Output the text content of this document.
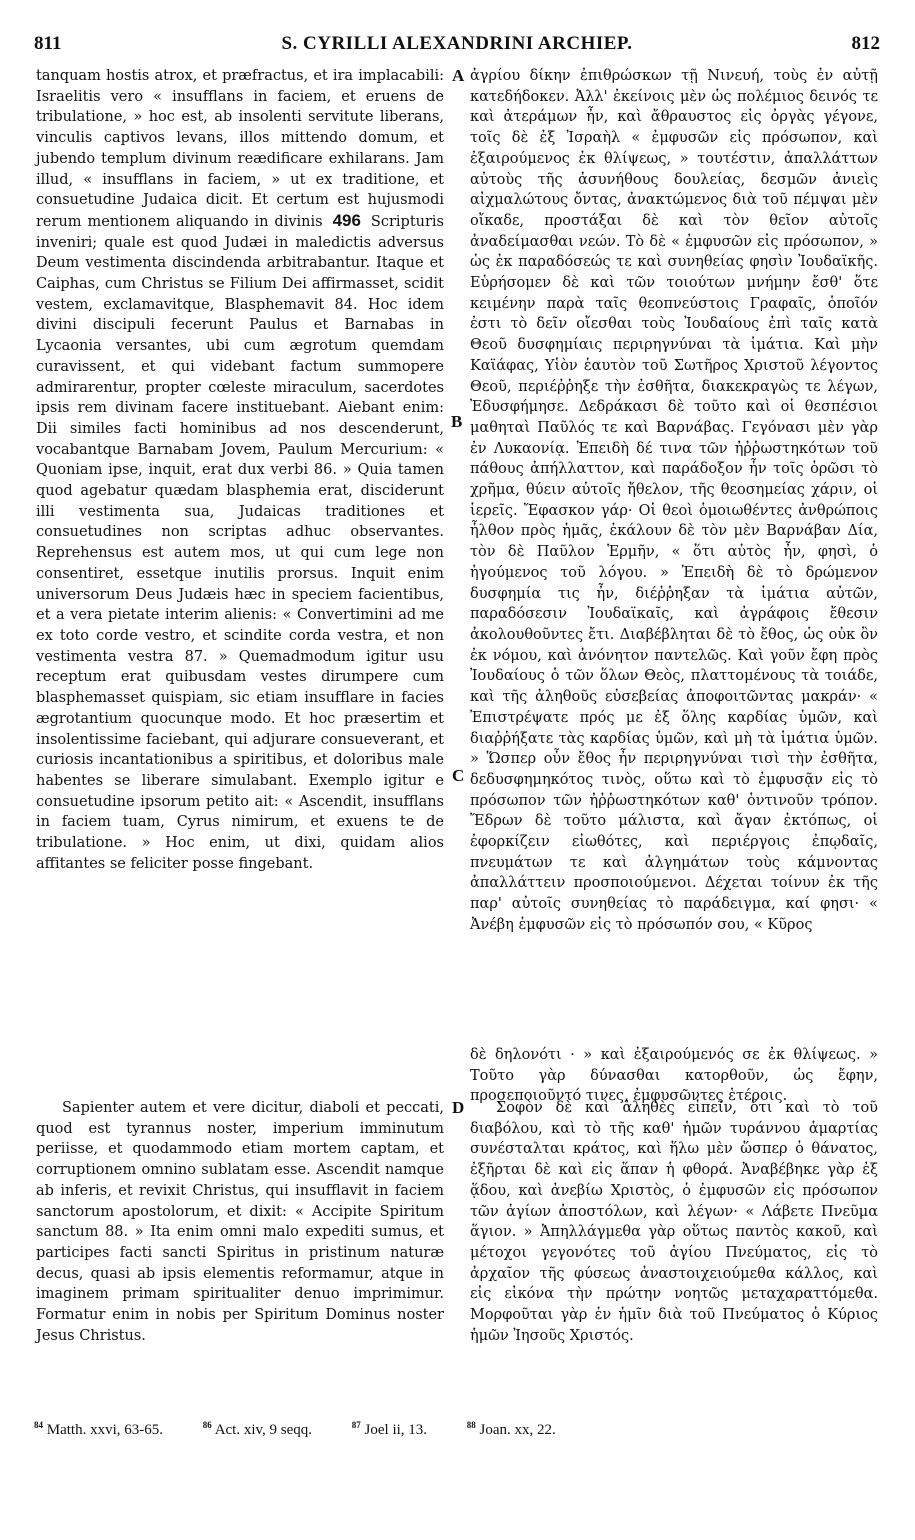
811	S. CYRILLI ALEXANDRINI ARCHIEP.	812
A
B
C
D

tanquam hostis atrox, et præfractus, et ira implacabili: Israelitis vero « insufflans in faciem, et eruens de tribulatione, » hoc est, ab insolenti servitute liberans, vinculis captivos levans, illos mittendo domum, et jubendo templum divinum reædificare exhilarans. Jam illud, « insufflans in faciem, » ut ex traditione, et consuetudine Judaica dicit. Et certum est hujusmodi rerum mentionem aliquando in divinis 496 Scripturis inveniri; quale est quod Judæi in maledictis adversus Deum vestimenta discindenda arbitrabantur. Itaque et Caiphas, cum Christus se Filium Dei affirmasset, scidit vestem, exclamavitque, Blasphemavit 84. Hoc idem divini discipuli fecerunt Paulus et Barnabas in Lycaonia versantes, ubi cum ægrotum quemdam curavissent, et qui videbant factum summopere admirarentur, propter cœleste miraculum, sacerdotes ipsis rem divinam facere instituebant. Aiebant enim: Dii similes facti hominibus ad nos descenderunt, vocabantque Barnabam Jovem, Paulum Mercurium: « Quoniam ipse, inquit, erat dux verbi 86. » Quia tamen quod agebatur quædam blasphemia erat, disciderunt illi vestimenta sua, Judaicas traditiones et consuetudines non scriptas adhuc observantes. Reprehensus est autem mos, ut qui cum lege non consentiret, essetque inutilis prorsus. Inquit enim universorum Deus Judæis hæc in speciem facientibus, et a vera pietate interim alienis: « Convertimini ad me ex toto corde vestro, et scindite corda vestra, et non vestimenta vestra 87. » Quemadmodum igitur usu receptum erat quibusdam vestes dirumpere cum blasphemasset quispiam, sic etiam insufflare in facies ægrotantium quocunque modo. Et hoc præsertim et insolentissime faciebant, qui adjurare consueverant, et curiosis incantationibus a spiritibus, et doloribus male habentes se liberare simulabant. Exemplo igitur e consuetudine ipsorum petito ait: « Ascendit, insufflans in faciem tuam, Cyrus nimirum, et exuens te de tribulatione. » Hoc enim, ut dixi, quidam alios affitantes se feliciter posse fingebant.

ἀγρίου δίκην ἐπιθρώσκων τῇ Νινευή, τοὺς ἐν αὐτῇ κατεδήδοκεν. Ἀλλ' ἐκείνοις μὲν ὡς πολέμιος δεινός τε καὶ ἀτεράμων ἦν, καὶ ἄθραυστος εἰς ὀργὰς γέγονε, τοῖς δὲ ἐξ Ἰσραὴλ « ἐμφυσῶν εἰς πρόσωπον, καὶ ἐξαιρούμενος ἐκ θλίψεως, » τουτέστιν, ἀπαλλάττων αὐτοὺς τῆς ἀσυνήθους δουλείας, δεσμῶν ἀνιεὶς αἰχμαλώτους ὄντας, ἀνακτώμενος διὰ τοῦ πέμψαι μὲν οἴκαδε, προστάξαι δὲ καὶ τὸν θεῖον αὐτοῖς ἀναδείμασθαι νεών. Τὸ δὲ « ἐμφυσῶν εἰς πρόσωπον, » ὡς ἐκ παραδόσεώς τε καὶ συνηθείας φησὶν Ἰουδαϊκῆς. Εὑρήσομεν δὲ καὶ τῶν τοιούτων μνήμην ἔσθ' ὅτε κειμένην παρὰ ταῖς θεοπνεύστοις Γραφαῖς, ὁποῖόν ἐστι τὸ δεῖν οἴεσθαι τοὺς Ἰουδαίους ἐπὶ ταῖς κατὰ Θεοῦ δυσφημίαις περιρηγνύναι τὰ ἱμάτια. Καὶ μὴν Καϊάφας, Υἱὸν ἑαυτὸν τοῦ Σωτῆρος Χριστοῦ λέγοντος Θεοῦ, περιέῤῥηξε τὴν ἐσθῆτα, διακεκραγὼς τε λέγων, Ἐδυσφήμησε. Δεδράκασι δὲ τοῦτο καὶ οἱ θεσπέσιοι μαθηταὶ Παῦλός τε καὶ Βαρνάβας. Γεγόνασι μὲν γὰρ ἐν Λυκαονίᾳ. Ἐπειδὴ δέ τινα τῶν ἠῤῥωστηκότων τοῦ πάθους ἀπήλλαττον, καὶ παράδοξον ἦν τοῖς ὁρῶσι τὸ χρῆμα, θύειν αὐτοῖς ἤθελον, τῆς θεοσημείας χάριν, οἱ ἱερεῖς. Ἔφασκον γάρ· Οἱ θεοὶ ὁμοιωθέντες ἀνθρώποις ἦλθον πρὸς ἡμᾶς, ἐκάλουν δὲ τὸν μὲν Βαρνάβαν Δία, τὸν δὲ Παῦλον Ἑρμῆν, « ὅτι αὐτὸς ἦν, φησὶ, ὁ ἡγούμενος τοῦ λόγου. » Ἐπειδὴ δὲ τὸ δρώμενον δυσφημία τις ἦν, διέῤῥηξαν τὰ ἱμάτια αὐτῶν, παραδόσεσιν Ἰουδαϊκαῖς, καὶ ἀγράφοις ἔθεσιν ἀκολουθοῦντες ἔτι. Διαβέβληται δὲ τὸ ἔθος, ὡς οὐκ ὂν ἐκ νόμου, καὶ ἀνόνητον παντελῶς. Καὶ γοῦν ἔφη πρὸς Ἰουδαίους ὁ τῶν ὅλων Θεὸς, πλαττομένους τὰ τοιάδε, καὶ τῆς ἀληθοῦς εὐσεβείας ἀποφοιτῶντας μακράν· « Ἐπιστρέψατε πρός με ἐξ ὅλης καρδίας ὑμῶν, καὶ διαῤῥήξατε τὰς καρδίας ὑμῶν, καὶ μὴ τὰ ἱμάτια ὑμῶν. » Ὥσπερ οὖν ἔθος ἦν περιρηγνύναι τισὶ τὴν ἐσθῆτα, δεδυσφημηκότος τινὸς, οὕτω καὶ τὸ ἐμφυσᾷν εἰς τὸ πρόσωπον τῶν ἠῤῥωστηκότων καθ' ὁντινοῦν τρόπον. Ἔδρων δὲ τοῦτο μάλιστα, καὶ ἄγαν ἐκτόπως, οἱ ἐφορκίζειν εἰωθότες, καὶ περιέργοις ἐπῳδαῖς, πνευμάτων τε καὶ ἀλγημάτων τοὺς κάμνοντας ἀπαλλάττειν προσποιούμενοι. Δέχεται τοίνυν ἐκ τῆς παρ' αὐτοῖς συνηθείας τὸ παράδειγμα, καί φησι· « Ἀνέβη ἐμφυσῶν εἰς τὸ πρόσωπόν σου, « Κῦρος

δὲ δηλονότι · » καὶ ἐξαιρούμενός σε ἐκ θλίψεως. » Τοῦτο γὰρ δύνασθαι κατορθοῦν, ὡς ἔφην, προσεποιοῦντό τινες, ἐμφυσῶντες ἑτέροις.

Sapienter autem et vere dicitur, diaboli et peccati, quod est tyrannus noster, imperium imminutum periisse, et quodammodo etiam mortem captam, et corruptionem omnino sublatam esse. Ascendit namque ab inferis, et revixit Christus, qui insufflavit in faciem sanctorum apostolorum, et dixit: « Accipite Spiritum sanctum 88. » Ita enim omni malo expediti sumus, et participes facti sancti Spiritus in pristinum naturæ decus, quasi ab ipsis elementis reformamur, atque in imaginem primam spiritualiter denuo imprimimur. Formatur enim in nobis per Spiritum Dominus noster Jesus Christus.

Σοφὸν δὲ καὶ ἀληθὲς εἰπεῖν, ὅτι καὶ τὸ τοῦ διαβόλου, καὶ τὸ τῆς καθ' ἡμῶν τυράννου ἁμαρτίας συνέσταλται κράτος, καὶ ἥλω μὲν ὥσπερ ὁ θάνατος, ἐξῆρται δὲ καὶ εἰς ἅπαν ἡ φθορά. Ἀναβέβηκε γὰρ ἐξ ᾅδου, καὶ ἀνεβίω Χριστὸς, ὁ ἐμφυσῶν εἰς πρόσωπον τῶν ἁγίων ἀποστόλων, καὶ λέγων· « Λάβετε Πνεῦμα ἅγιον. » Ἀπηλλάγμεθα γὰρ οὕτως παντὸς κακοῦ, καὶ μέτοχοι γεγονότες τοῦ ἁγίου Πνεύματος, εἰς τὸ ἀρχαῖον τῆς φύσεως ἀναστοιχειούμεθα κάλλος, καὶ εἰς εἰκόνα τὴν πρώτην νοητῶς μεταχαραττόμεθα. Μορφοῦται γὰρ ἐν ἡμῖν διὰ τοῦ Πνεύματος ὁ Κύριος ἡμῶν Ἰησοῦς Χριστός.

$^{84}$ Matth. xxvi, 63-65.	$^{86}$ Act. xiv, 9 seqq.	$^{87}$ Joel ii, 13.	$^{88}$ Joan. xx, 22.
